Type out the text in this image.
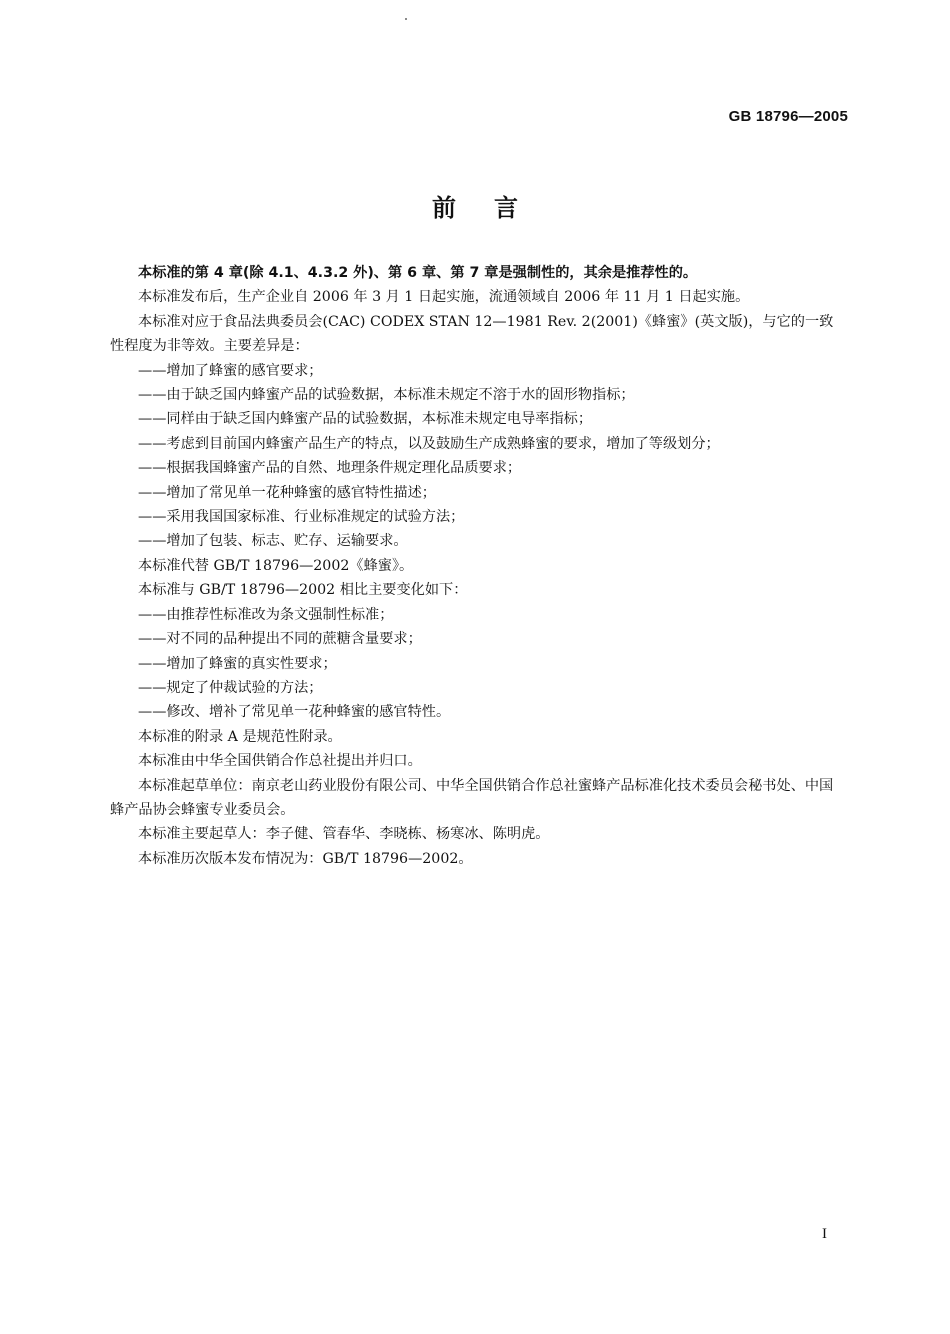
GB 18796—2005
前言

本标准的第 4 章(除 4.1、4.3.2 外)、第 6 章、第 7 章是强制性的，其余是推荐性的。

本标准发布后，生产企业自 2006 年 3 月 1 日起实施，流通领域自 2006 年 11 月 1 日起实施。

本标准对应于食品法典委员会(CAC) CODEX STAN 12—1981 Rev. 2(2001)《蜂蜜》(英文版)，与它的一致性程度为非等效。主要差异是：

——增加了蜂蜜的感官要求；

——由于缺乏国内蜂蜜产品的试验数据，本标准未规定不溶于水的固形物指标；

——同样由于缺乏国内蜂蜜产品的试验数据，本标准未规定电导率指标；

——考虑到目前国内蜂蜜产品生产的特点，以及鼓励生产成熟蜂蜜的要求，增加了等级划分；

——根据我国蜂蜜产品的自然、地理条件规定理化品质要求；

——增加了常见单一花种蜂蜜的感官特性描述；

——采用我国国家标准、行业标准规定的试验方法；

——增加了包装、标志、贮存、运输要求。

本标准代替 GB/T 18796—2002《蜂蜜》。

本标准与 GB/T 18796—2002 相比主要变化如下：

——由推荐性标准改为条文强制性标准；

——对不同的品种提出不同的蔗糖含量要求；

——增加了蜂蜜的真实性要求；

——规定了仲裁试验的方法；

——修改、增补了常见单一花种蜂蜜的感官特性。

本标准的附录 A 是规范性附录。

本标准由中华全国供销合作总社提出并归口。

本标准起草单位：南京老山药业股份有限公司、中华全国供销合作总社蜜蜂产品标准化技术委员会秘书处、中国蜂产品协会蜂蜜专业委员会。

本标准主要起草人：李子健、管春华、李晓栋、杨寒冰、陈明虎。

本标准历次版本发布情况为：GB/T 18796—2002。

I
